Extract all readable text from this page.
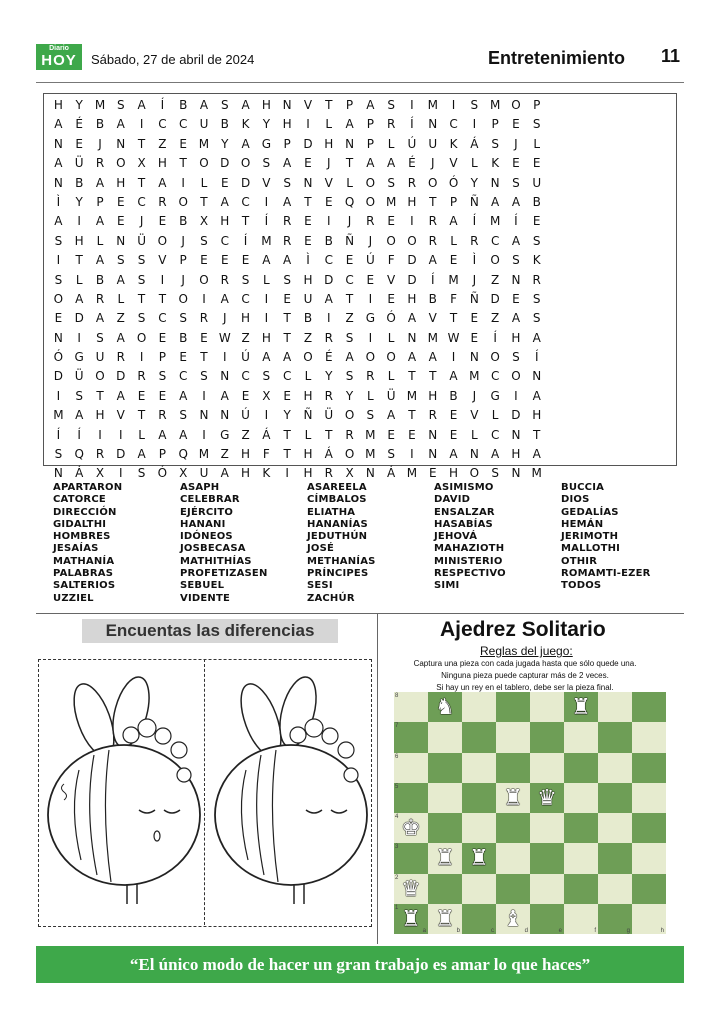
Diario
HOY	Sábado, 27 de abril de 2024	Entretenimiento 11
H	Y M S	A	Í	B	A	S	A	H N	V	T	P	A	S	I	M	I	S M O	P
A	É	B	A	I	C	C	U	B	K	Y	H	I	L	A	P	R	Í	N	C	I	P	E	S
N	E	J	N	T	Z	E M Y	A	G	P	D H N	P	L	Ú	U	K	Á	S	J	L
A	Ü	R O X	H	T	O D O	S	A	E	J	T	A	A	É	J	V	L	K	E	E
N	B	A	H	T	A	I	L	E	D	V	S	N	V	L	O	S	R O Ó	Y	N	S	U
Ì	Y	P	E	C	R O	T	A	C	I	A	T	E	Q O M H	T	P	Ñ	A	A	B
A	I	A	E	J	E	B	X	H	T	Í	R	E	I	J	R	E	I	R	A	Í	M	Í	E
S	H	L	N Ü O	J	S	C	Í	M R	E	B	Ñ	J	O O R	L	R	C	A	S
I	T	A	S	S	V	P	E	E	E	A	A	Ì	C	E	Ú	F	D	A	E	Ì	O	S	K
S	L	B	A	S	I	J	O R	S	L	S	H D C	E	V	D	Í	M	J	Z	N	R
O A	R	L	T	T	O	I	A	C	I	E	U	A	T	I	E	H	B	F	Ñ D	E	S
E	D	A	Z	S	C	S	R	J	H	I	T	B	I	Z	G Ó A	V	T	E	Z	A	S
N	I	S	A O	E	B	E W Z	H	T	Z	R	S	I	L	N M W E	Í	H	A
Ó G U	R	I	P	E	T	I	Ú	A	A O	É	A O O A	A	I	N O	S	Í
D Ü O D	R	S	C	S	N	C	S	C	L	Y	S	R	L	T	T	A M C O N
I	S	T	A	E	E	A	I	A	E	X	E	H	R	Y	L	Ü M H	B	J	G	I	A
M A	H	V	T	R	S	N N Ú	I	Y	Ñ Ü O	S	A	T	R	E	V	L	D H
Í	Í	I	I	L	A	A	I	G	Z	Á	T	L	T	R M E	E	N	E	L	C	N	T
S	Q R	D	A	P	Q M Z	H	F	T	H	Á O M S	I	N	A	N	A	H	A
N	Á	X	I	S	Ó X	U	A	H	K	I	H	R	X	N	Á M E	H O	S	N M
APARTARON
CATORCE
DIRECCIÓN
GIDALTHI
HOMBRES
JESAÍAS
MATHANÍA
PALABRAS
SALTERIOS
UZZIEL
ASAPH
CELEBRAR
EJÉRCITO
HANANI
IDÓNEOS
JOSBECASA
MATHITHÍAS
PROFETIZASEN
SEBUEL
VIDENTE
ASAREELA
CÍMBALOS
ELIATHA
HANANÍAS
JEDUTHÚN
JOSÉ
METHANÍAS
PRÍNCIPES
SESI
ZACHÚR
ASIMISMO
DAVID
ENSALZAR
HASABÍAS
JEHOVÁ
MAHAZIOTH
MINISTERIO
RESPECTIVO
SIMI
BUCCIA
DIOS
GEDALÍAS
HEMÁN
JERIMOTH
MALLOTHI
OTHIR
ROMAMTI-EZER
TODOS
Encuentas las diferencias	Ajedrez Solitario
Reglas del juego:
Captura una pieza con cada jugada hasta que sólo quede una.
Ninguna pieza puede capturar más de 2 veces.
Si hay un rey en el tablero, debe ser la pieza final.
8 ♞	♜
7
6
5	♜ ♛
♚
4
3 ♜ ♜
♛
2
♜
1
a
♜
b	c
♝
d	e	f	g	h
“El único modo de hacer un gran trabajo es amar lo que haces”
